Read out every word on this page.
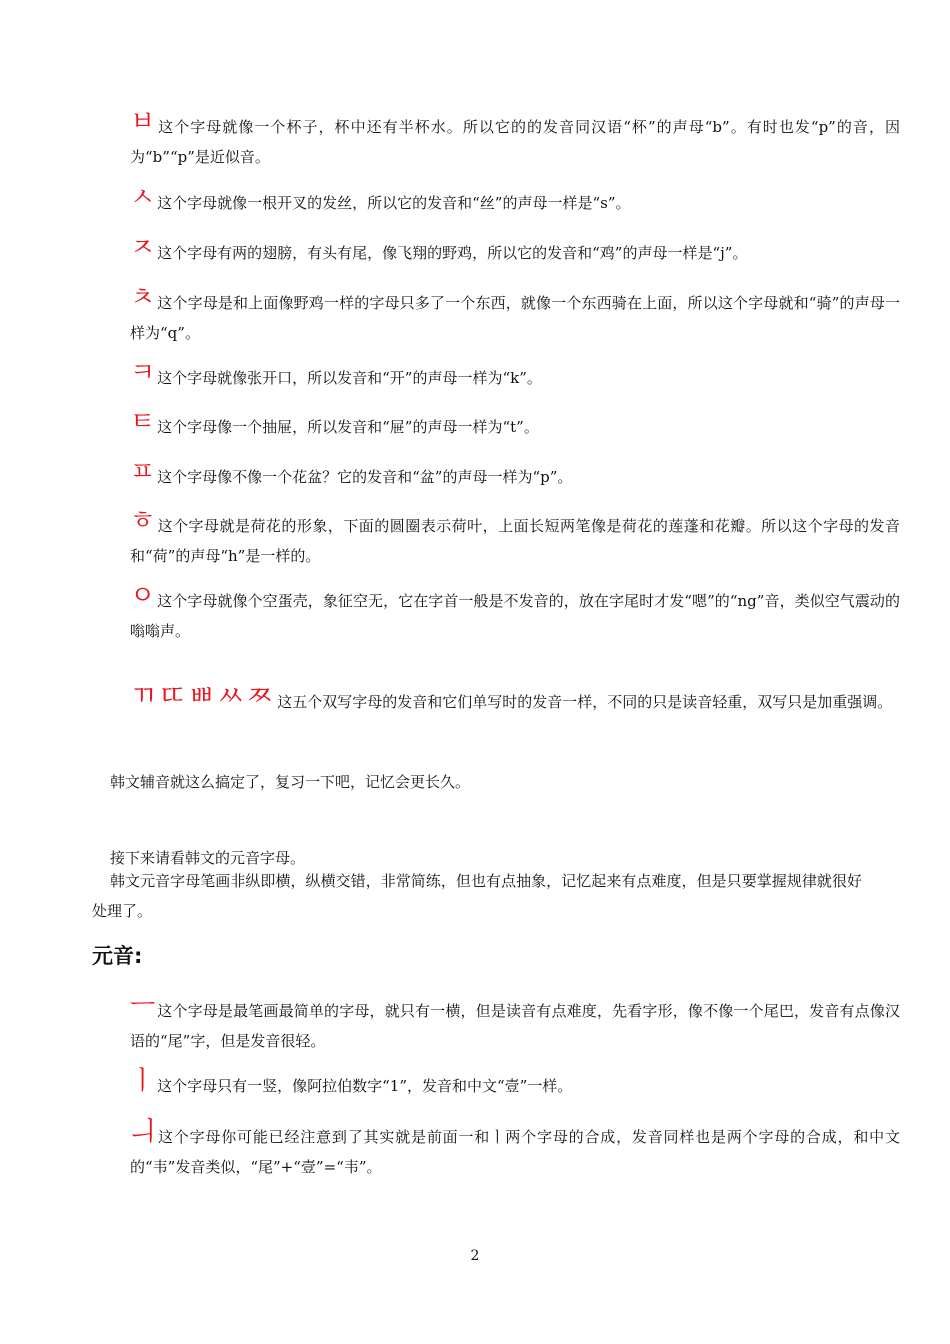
ㅂ这个字母就像一个杯子，杯中还有半杯水。所以它的的发音同汉语“杯”的声母“b”。有时也发“p”的音，因为“b”“p”是近似音。

ㅅ这个字母就像一根开叉的发丝，所以它的发音和“丝”的声母一样是“s”。

ㅈ这个字母有两的翅膀，有头有尾，像飞翔的野鸡，所以它的发音和“鸡”的声母一样是“j”。

ㅊ这个字母是和上面像野鸡一样的字母只多了一个东西，就像一个东西骑在上面，所以这个字母就和“骑”的声母一样为“q”。

ㅋ这个字母就像张开口，所以发音和“开”的声母一样为“k”。

ㅌ这个字母像一个抽屉，所以发音和“屉”的声母一样为“t”。

ㅍ这个字母像不像一个花盆？它的发音和“盆”的声母一样为“p”。

ㅎ这个字母就是荷花的形象，下面的圆圈表示荷叶，上面长短两笔像是荷花的莲蓬和花瓣。所以这个字母的发音和“荷”的声母“h”是一样的。

ㅇ这个字母就像个空蛋壳，象征空无，它在字首一般是不发音的，放在字尾时才发“嗯”的“ng”音，类似空气震动的嗡嗡声。

ㄲㄸㅃㅆㅉ 这五个双写字母的发音和它们单写时的发音一样，不同的只是读音轻重，双写只是加重强调。

韩文辅音就这么搞定了，复习一下吧，记忆会更长久。

接下来请看韩文的元音字母。

韩文元音字母笔画非纵即横，纵横交错，非常简练，但也有点抽象，记忆起来有点难度，但是只要掌握规律就很好处理了。

元音:

ㅡ这个字母是最笔画最简单的字母，就只有一横，但是读音有点难度，先看字形，像不像一个尾巴，发音有点像汉语的“尾”字，但是发音很轻。

ㅣ这个字母只有一竖，像阿拉伯数字“1”，发音和中文“壹”一样。

ㅢ这个字母你可能已经注意到了其实就是前面一和ㅣ两个字母的合成，发音同样也是两个字母的合成，和中文的“韦”发音类似，“尾”+“壹”=“韦”。

2
